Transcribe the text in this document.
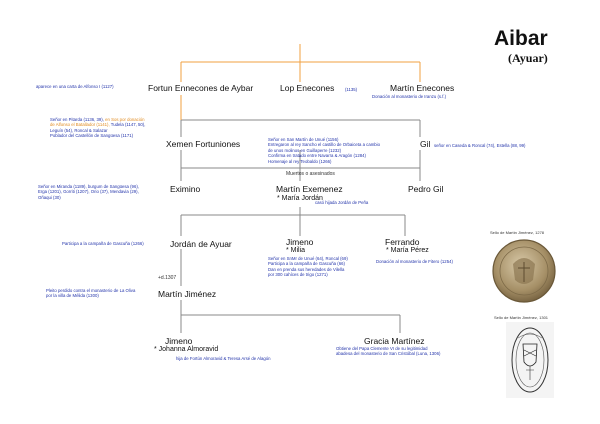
Aibar
(Ayuar)
aparece en una carta de Alfonso I (1127)	Fortun Ennecones de Aybar	Lop Enecones (1135)	Martín Enecones
Donación al monasterio de Iranzu (s.f.)
Señor en Pitarda (1136, 39), en Sos por donación
de Alfonso el Batallador (1141), Tudela (1147, 50),
Leguín (54), Roncal & Salazar
Poblador del Castellón de Sangüesa (1171)
Xemen Fortuniones	Señor en San Martín de Unué (1156)
Entregaron al rey Sancho el castillo de Orbaiceta a cambio
de unos molinos en Guillaperre (1232)
Confirma en tratado entre Navarra & Aragón (1284)
Homenaje al rey Teobaldo (1266)
Gil señor en Caseda & Roncal (74), Estella (88, 99)
Muertos o asesinados
Señor en Miranda (1189), burgum de Sangüesa (96),
Erga (1201), Gorriti (1207), Orio (37), Mendavia (29),
Oñaqui (30)
Eximino	Martín Exemenez
* María Jordán
casó hijada Jordán de Peña
Pedro Gil
Participa a la campaña de Gascuña (1266)	Jordán de Ayuar
+d.1307
Jimeno
* Milia
Señor en SnMr de Unué (64), Roncal (69)
Participa a la campaña de Gascuña (66)
Dan en prenda sus heredades de Vilella
por 300 cahíces de trigo (1271)
Ferrando
* María Pérez
Donación al monasterio de Fitero (1254)
Pleito perdido contra el monasterio de La Oliva
por la villa de Mélida (1300)	Martín Jiménez
Jimeno
* Johanna Almoravid
hija de Fortún Almoravid & Teresa Arsé de Alagón
Gracia Martínez
Obtiene del Papa Clemente VI de su legitimidad
abadesa del monasterio de San Cristóbal (Luna, 1306)
Sello de Martín Jiménez, 1278
Sello de Martín Jiménez, 1301
